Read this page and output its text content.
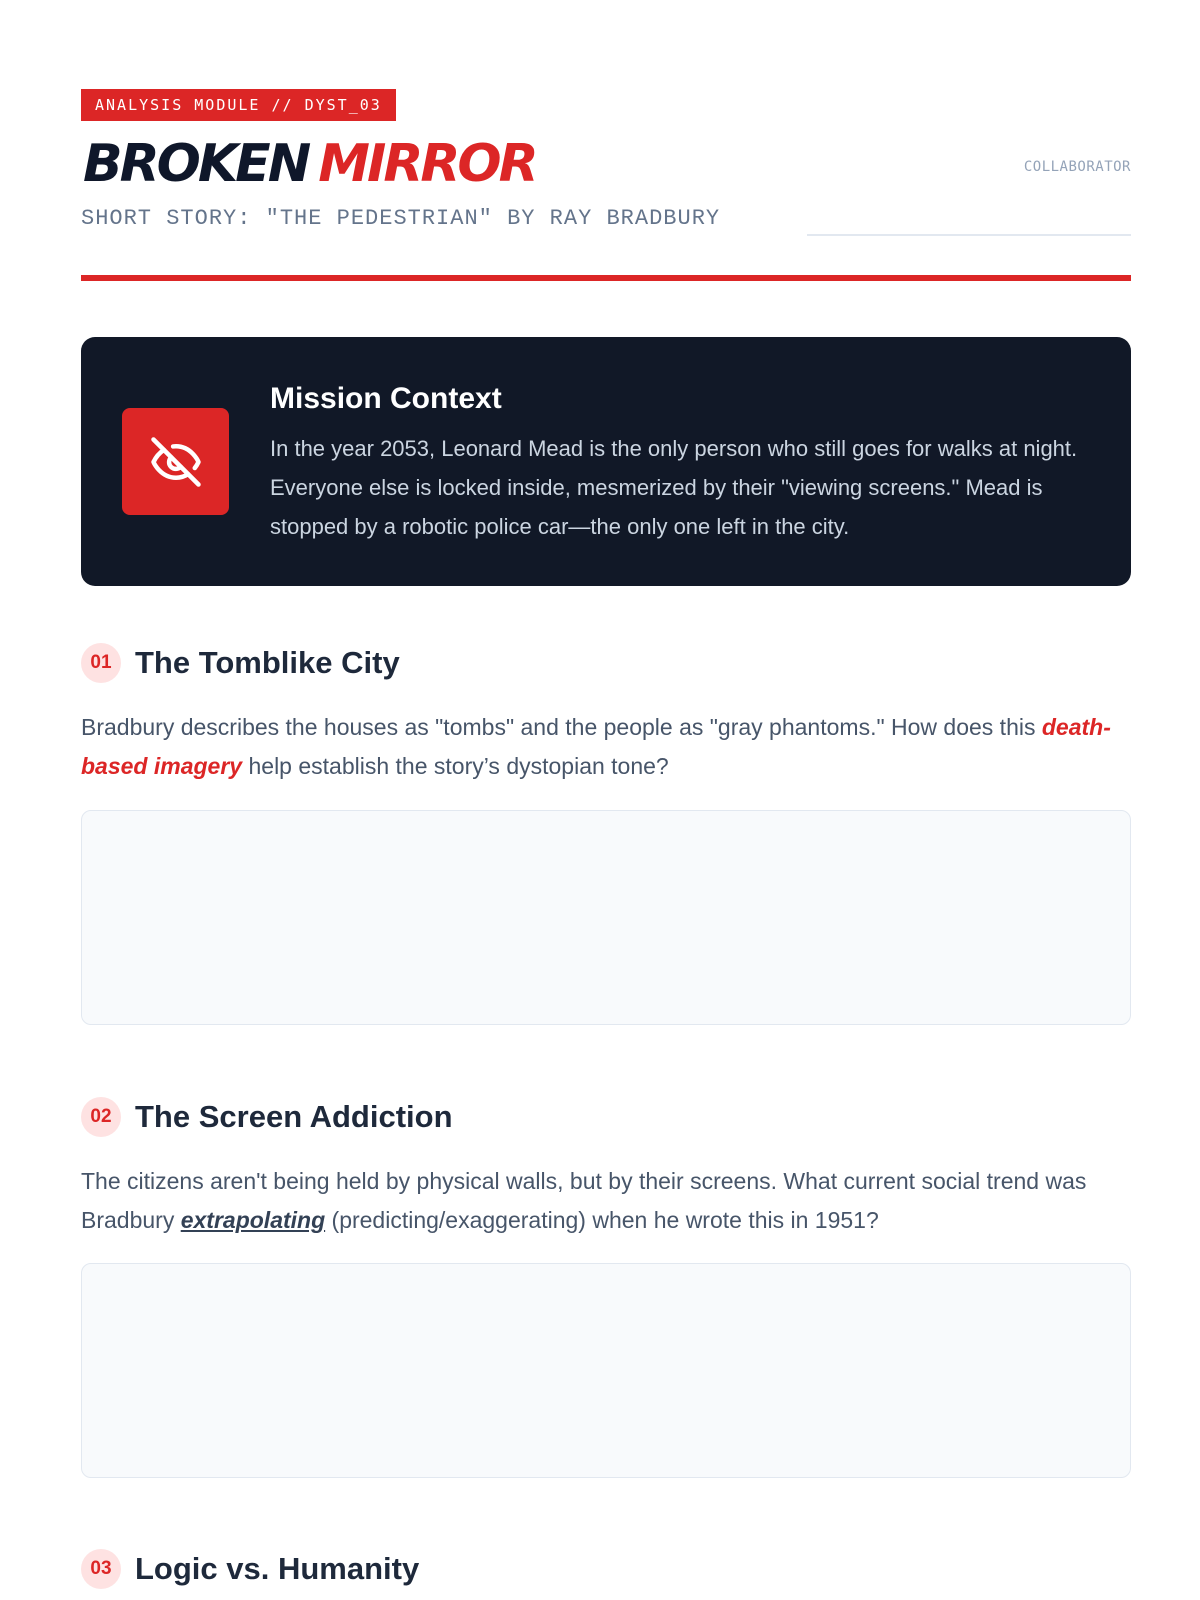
ANALYSIS MODULE // DYST_03
BROKEN MIRROR
SHORT STORY: "THE PEDESTRIAN" BY RAY BRADBURY
COLLABORATOR
Mission Context

In the year 2053, Leonard Mead is the only person who still goes for walks at night. Everyone else is locked inside, mesmerized by their "viewing screens." Mead is stopped by a robotic police car—the only one left in the city.

01 The Tomblike City
Bradbury describes the houses as "tombs" and the people as "gray phantoms." How does this death-based imagery help establish the story’s dystopian tone?
02 The Screen Addiction
The citizens aren't being held by physical walls, but by their screens. What current social trend was Bradbury extrapolating (predicting/exaggerating) when he wrote this in 1951?
03 Logic vs. Humanity
